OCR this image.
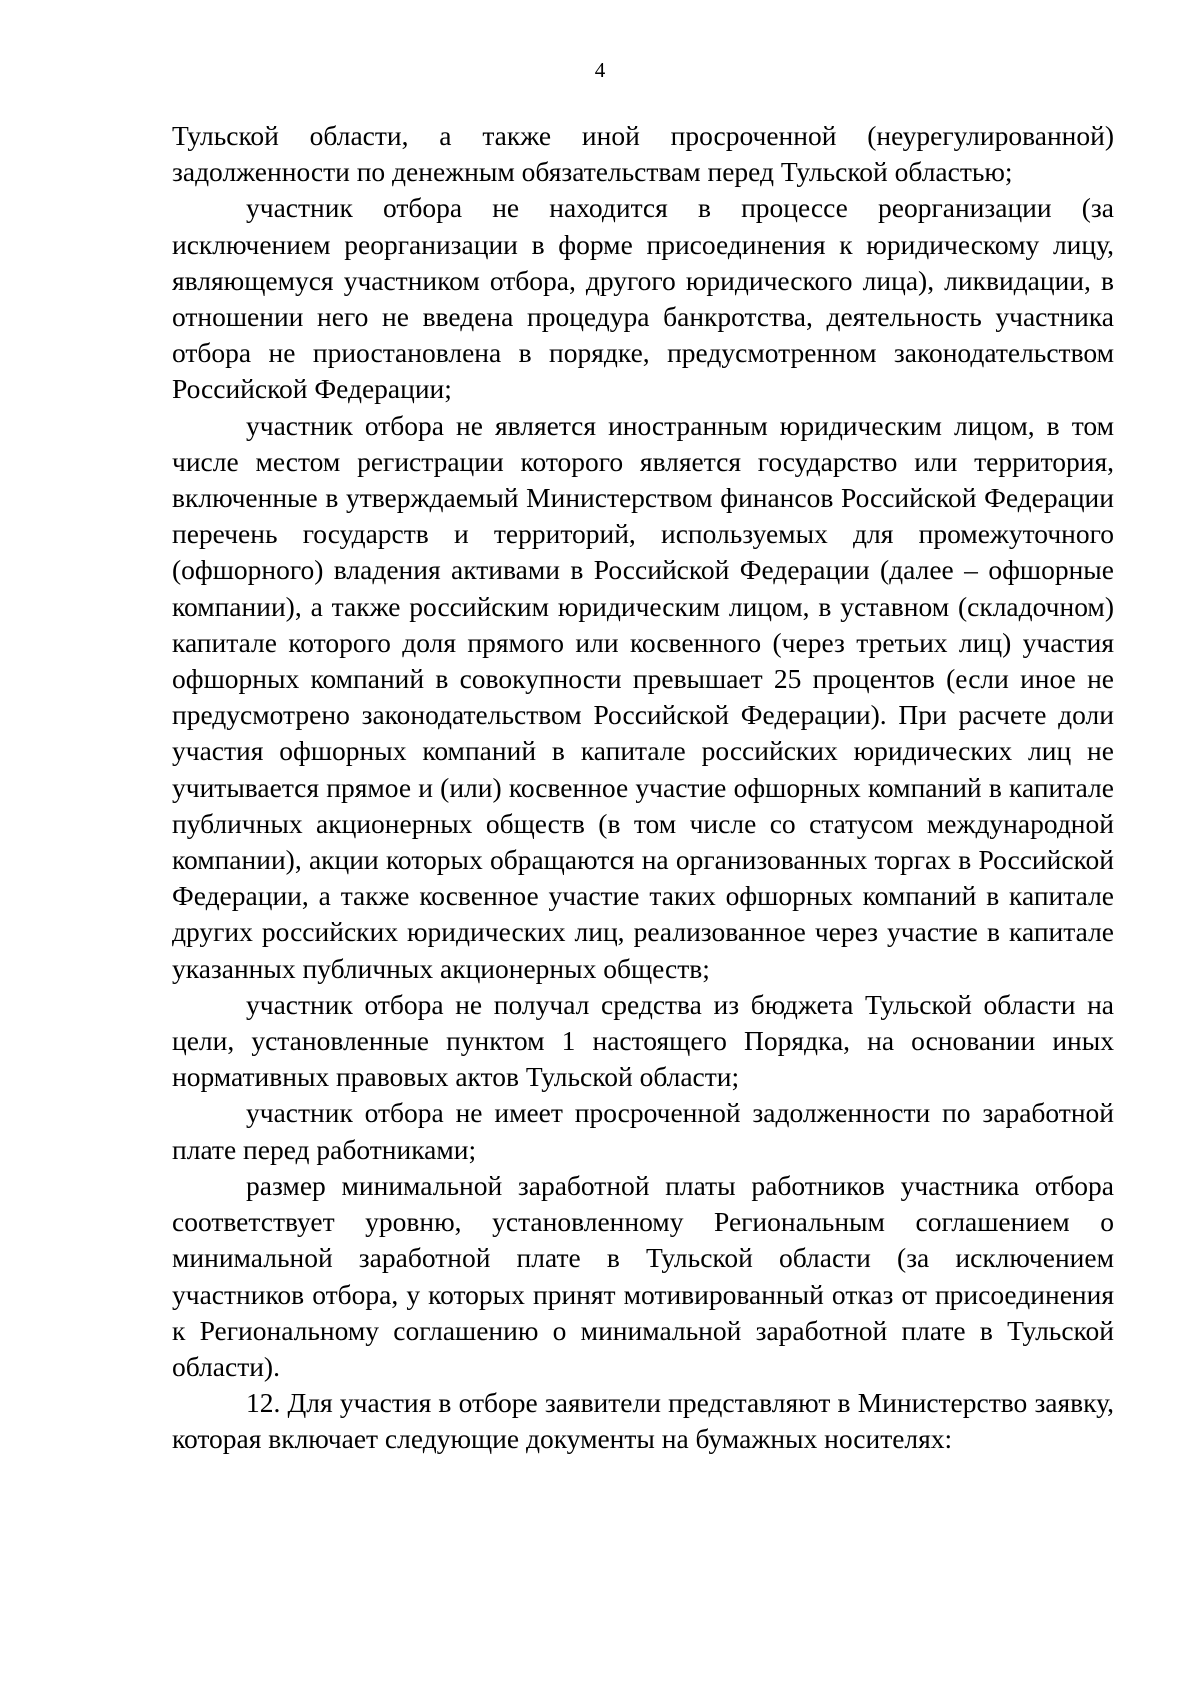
4

Тульской области, а также иной просроченной (неурегулированной) задолженности по денежным обязательствам перед Тульской областью;

участник отбора не находится в процессе реорганизации (за исключением реорганизации в форме присоединения к юридическому лицу, являющемуся участником отбора, другого юридического лица), ликвидации, в отношении него не введена процедура банкротства, деятельность участника отбора не приостановлена в порядке, предусмотренном законодательством Российской Федерации;

участник отбора не является иностранным юридическим лицом, в том числе местом регистрации которого является государство или территория, включенные в утверждаемый Министерством финансов Российской Федерации перечень государств и территорий, используемых для промежуточного (офшорного) владения активами в Российской Федерации (далее – офшорные компании), а также российским юридическим лицом, в уставном (складочном) капитале которого доля прямого или косвенного (через третьих лиц) участия офшорных компаний в совокупности превышает 25 процентов (если иное не предусмотрено законодательством Российской Федерации). При расчете доли участия офшорных компаний в капитале российских юридических лиц не учитывается прямое и (или) косвенное участие офшорных компаний в капитале публичных акционерных обществ (в том числе со статусом международной компании), акции которых обращаются на организованных торгах в Российской Федерации, а также косвенное участие таких офшорных компаний в капитале других российских юридических лиц, реализованное через участие в капитале указанных публичных акционерных обществ;

участник отбора не получал средства из бюджета Тульской области на цели, установленные пунктом 1 настоящего Порядка, на основании иных нормативных правовых актов Тульской области;

участник отбора не имеет просроченной задолженности по заработной плате перед работниками;

размер минимальной заработной платы работников участника отбора соответствует уровню, установленному Региональным соглашением о минимальной заработной плате в Тульской области (за исключением участников отбора, у которых принят мотивированный отказ от присоединения к Региональному соглашению о минимальной заработной плате в Тульской области).

12. Для участия в отборе заявители представляют в Министерство заявку, которая включает следующие документы на бумажных носителях:
